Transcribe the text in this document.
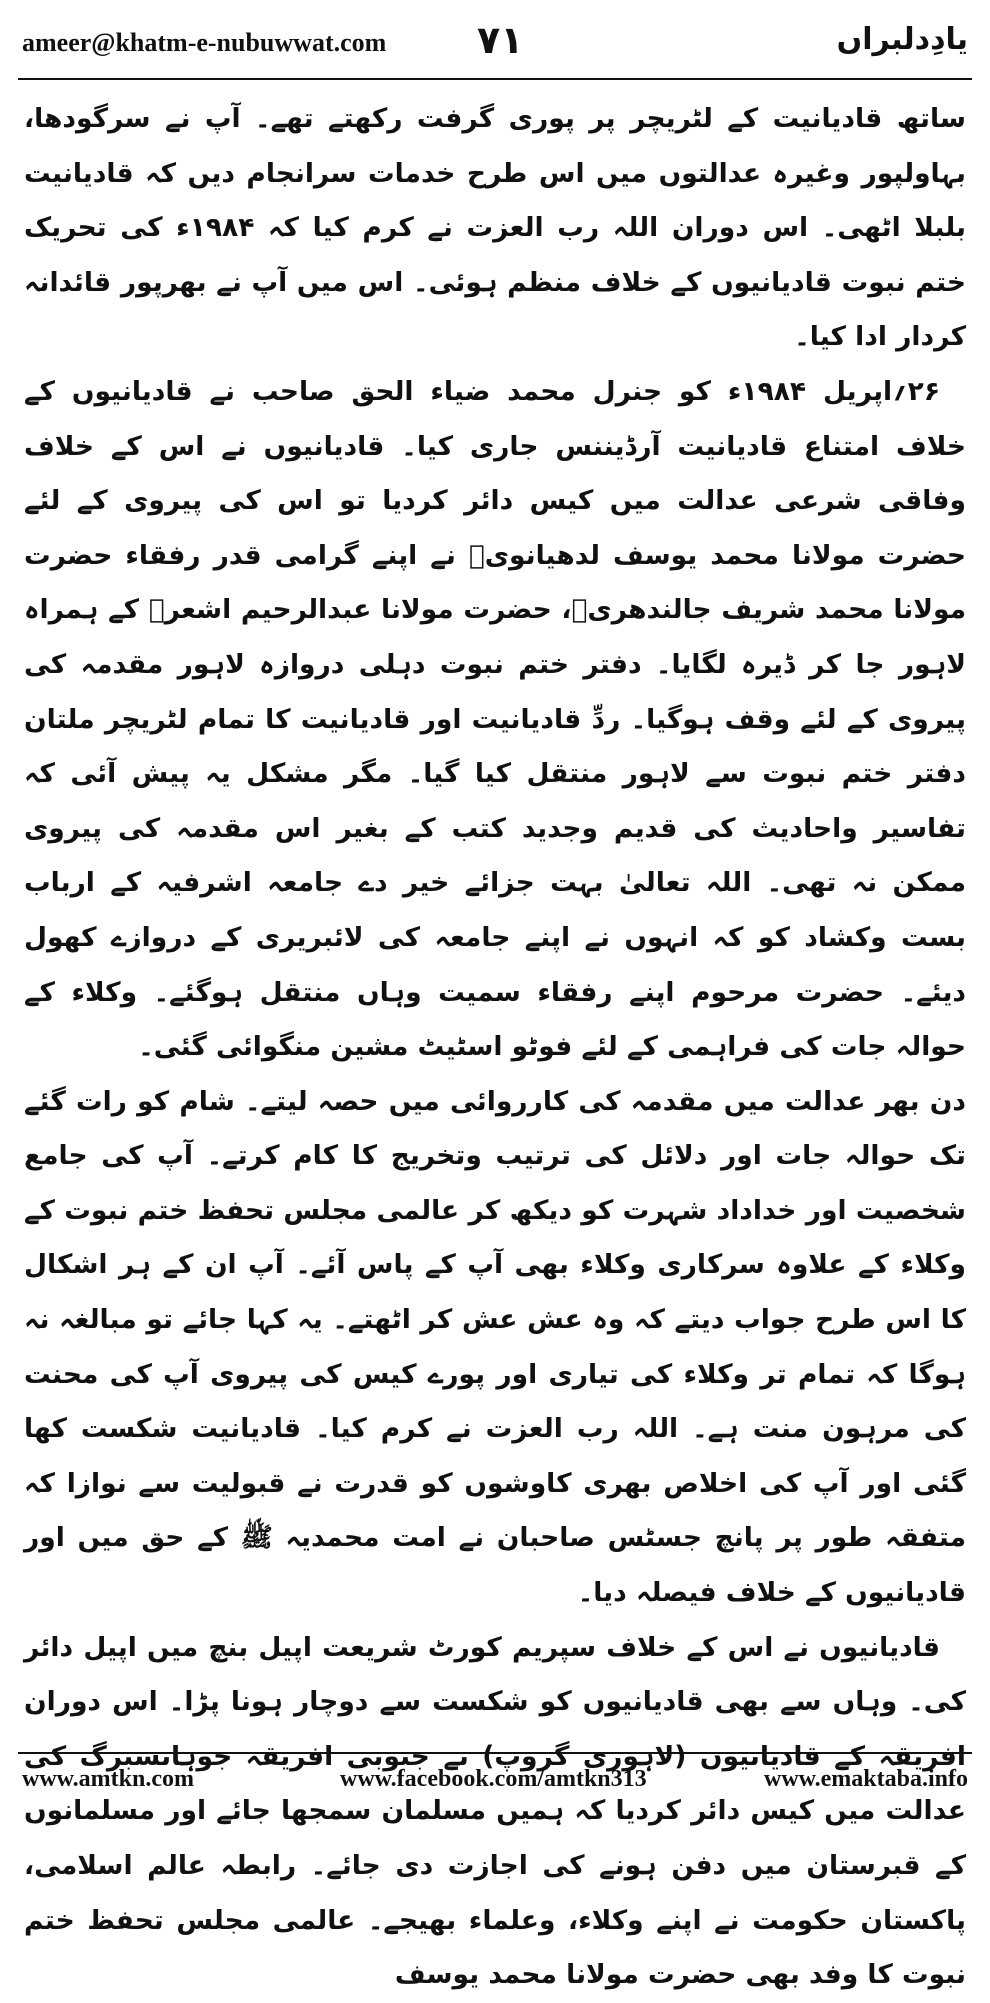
ameer@khatm-e-nubuwwat.com ۷۱	یادِدلبراں

ساتھ قادیانیت کے لٹریچر پر پوری گرفت رکھتے تھے۔ آپ نے سرگودھا، بہاولپور وغیرہ عدالتوں میں اس طرح خدمات سرانجام دیں کہ قادیانیت بلبلا اٹھی۔ اس دوران اللہ رب العزت نے کرم کیا کہ ۱۹۸۴ء کی تحریک ختم نبوت قادیانیوں کے خلاف منظم ہوئی۔ اس میں آپ نے بھرپور قائدانہ کردار ادا کیا۔

۲۶؍اپریل ۱۹۸۴ء کو جنرل محمد ضیاء الحق صاحب نے قادیانیوں کے خلاف امتناع قادیانیت آرڈیننس جاری کیا۔ قادیانیوں نے اس کے خلاف وفاقی شرعی عدالت میں کیس دائر کردیا تو اس کی پیروی کے لئے حضرت مولانا محمد یوسف لدھیانویؒ نے اپنے گرامی قدر رفقاء حضرت مولانا محمد شریف جالندھریؒ، حضرت مولانا عبدالرحیم اشعرؒ کے ہمراہ لاہور جا کر ڈیرہ لگایا۔ دفتر ختم نبوت دہلی دروازہ لاہور مقدمہ کی پیروی کے لئے وقف ہوگیا۔ ردِّ قادیانیت اور قادیانیت کا تمام لٹریچر ملتان دفتر ختم نبوت سے لاہور منتقل کیا گیا۔ مگر مشکل یہ پیش آئی کہ تفاسیر واحادیث کی قدیم وجدید کتب کے بغیر اس مقدمہ کی پیروی ممکن نہ تھی۔ اللہ تعالیٰ بہت جزائے خیر دے جامعہ اشرفیہ کے ارباب بست وکشاد کو کہ انہوں نے اپنے جامعہ کی لائبریری کے دروازے کھول دیئے۔ حضرت مرحوم اپنے رفقاء سمیت وہاں منتقل ہوگئے۔ وکلاء کے حوالہ جات کی فراہمی کے لئے فوٹو اسٹیٹ مشین منگوائی گئی۔

دن بھر عدالت میں مقدمہ کی کارروائی میں حصہ لیتے۔ شام کو رات گئے تک حوالہ جات اور دلائل کی ترتیب وتخریج کا کام کرتے۔ آپ کی جامع شخصیت اور خداداد شہرت کو دیکھ کر عالمی مجلس تحفظ ختم نبوت کے وکلاء کے علاوہ سرکاری وکلاء بھی آپ کے پاس آئے۔ آپ ان کے ہر اشکال کا اس طرح جواب دیتے کہ وہ عش عش کر اٹھتے۔ یہ کہا جائے تو مبالغہ نہ ہوگا کہ تمام تر وکلاء کی تیاری اور پورے کیس کی پیروی آپ کی محنت کی مرہون منت ہے۔ اللہ رب العزت نے کرم کیا۔ قادیانیت شکست کھا گئی اور آپ کی اخلاص بھری کاوشوں کو قدرت نے قبولیت سے نوازا کہ متفقہ طور پر پانچ جسٹس صاحبان نے امت محمدیہ ﷺ کے حق میں اور قادیانیوں کے خلاف فیصلہ دیا۔

قادیانیوں نے اس کے خلاف سپریم کورٹ شریعت اپیل بنچ میں اپیل دائر کی۔ وہاں سے بھی قادیانیوں کو شکست سے دوچار ہونا پڑا۔ اس دوران افریقہ کے قادیانیوں (لاہوری گروپ) نے جنوبی افریقہ جوہانسبرگ کی عدالت میں کیس دائر کردیا کہ ہمیں مسلمان سمجھا جائے اور مسلمانوں کے قبرستان میں دفن ہونے کی اجازت دی جائے۔ رابطہ عالم اسلامی، پاکستان حکومت نے اپنے وکلاء، وعلماء بھیجے۔ عالمی مجلس تحفظ ختم نبوت کا وفد بھی حضرت مولانا محمد یوسف

www.amtkn.com	www.facebook.com/amtkn313	www.emaktaba.info
